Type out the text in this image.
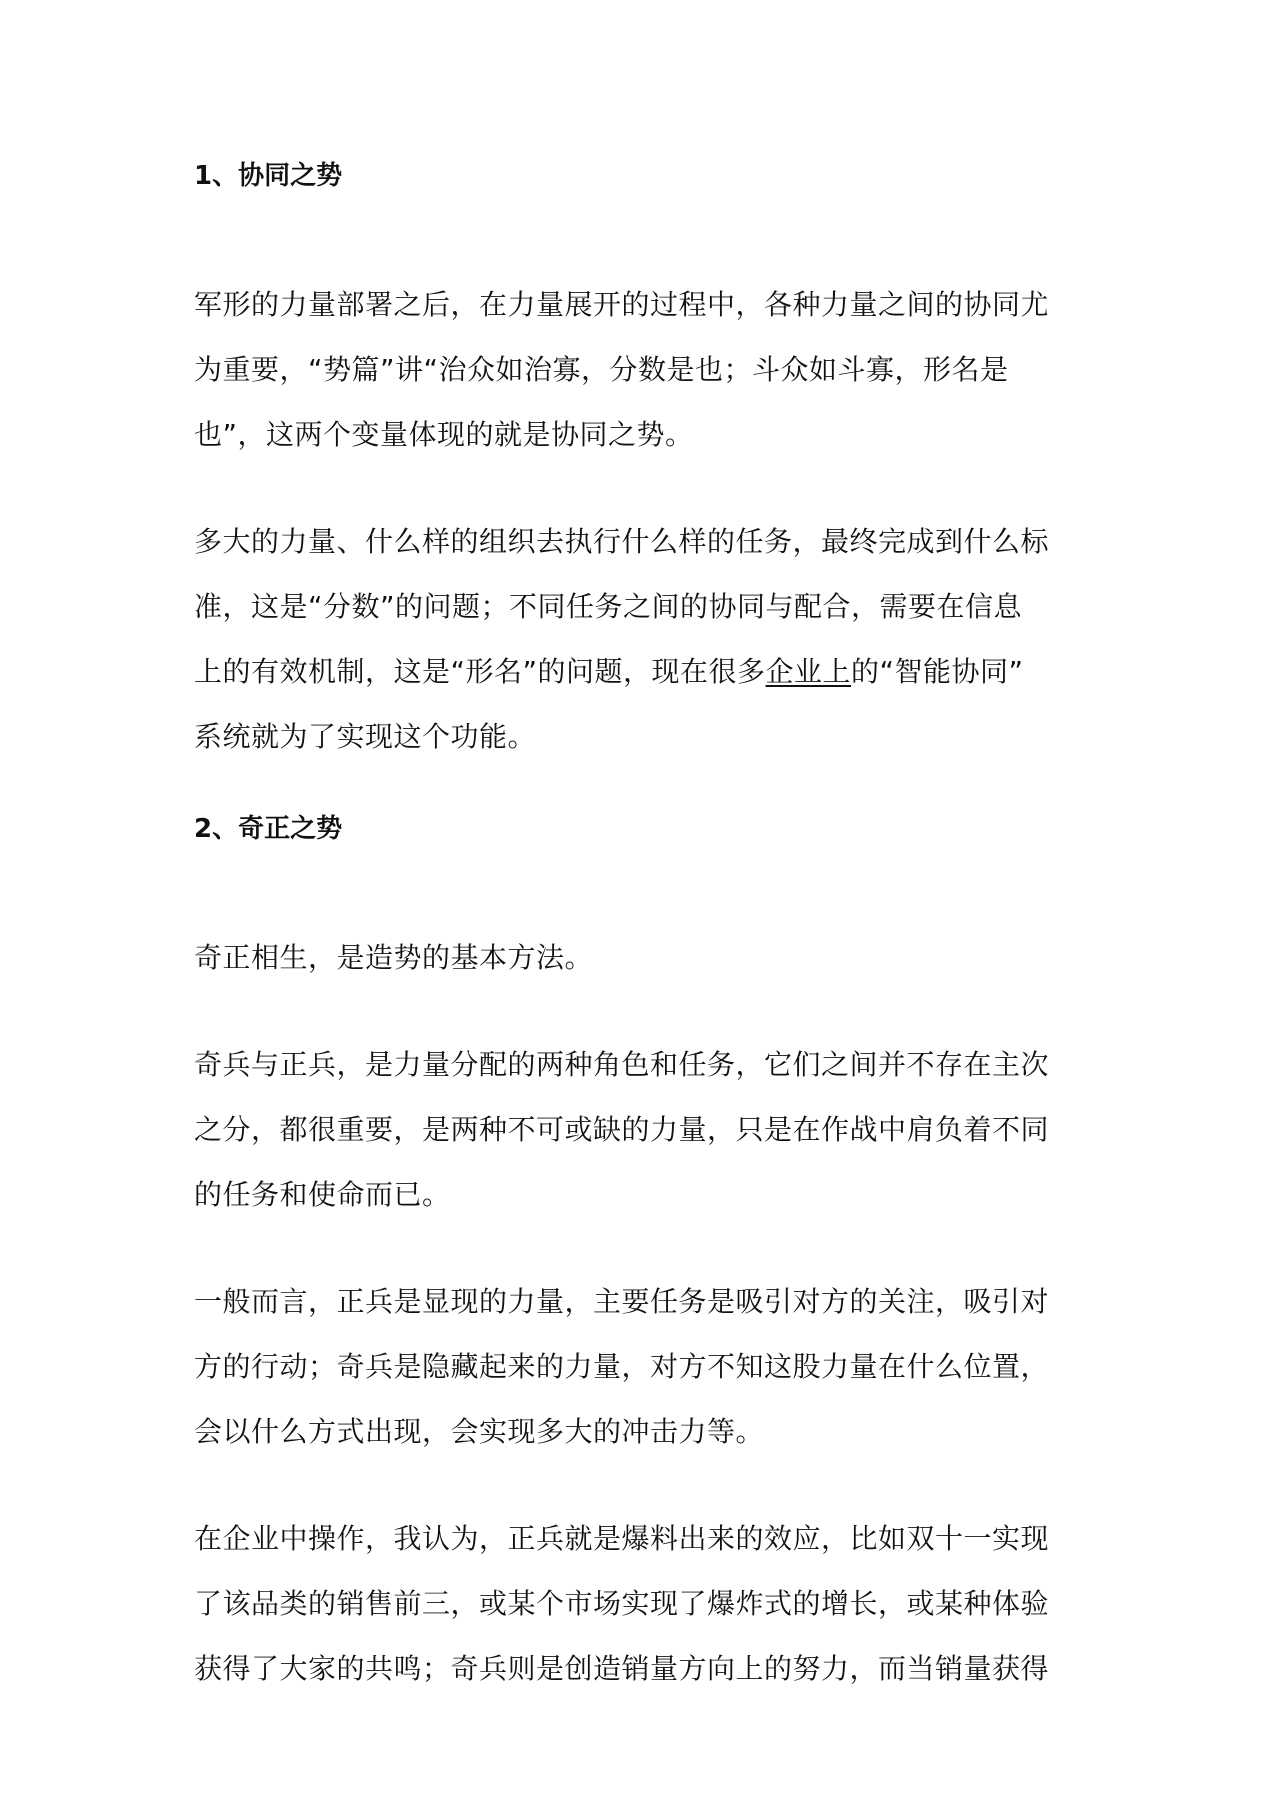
1、协同之势
军形的力量部署之后，在力量展开的过程中，各种力量之间的协同尤
为重要，“势篇”讲“治众如治寡，分数是也；斗众如斗寡，形名是
也”，这两个变量体现的就是协同之势。
多大的力量、什么样的组织去执行什么样的任务，最终完成到什么标
准，这是“分数”的问题；不同任务之间的协同与配合，需要在信息
上的有效机制，这是“形名”的问题，现在很多企业上的“智能协同”
系统就为了实现这个功能。
2、奇正之势
奇正相生，是造势的基本方法。
奇兵与正兵，是力量分配的两种角色和任务，它们之间并不存在主次
之分，都很重要，是两种不可或缺的力量，只是在作战中肩负着不同
的任务和使命而已。
一般而言，正兵是显现的力量，主要任务是吸引对方的关注，吸引对
方的行动；奇兵是隐藏起来的力量，对方不知这股力量在什么位置，
会以什么方式出现，会实现多大的冲击力等。
在企业中操作，我认为，正兵就是爆料出来的效应，比如双十一实现
了该品类的销售前三，或某个市场实现了爆炸式的增长，或某种体验
获得了大家的共鸣；奇兵则是创造销量方向上的努力，而当销量获得
